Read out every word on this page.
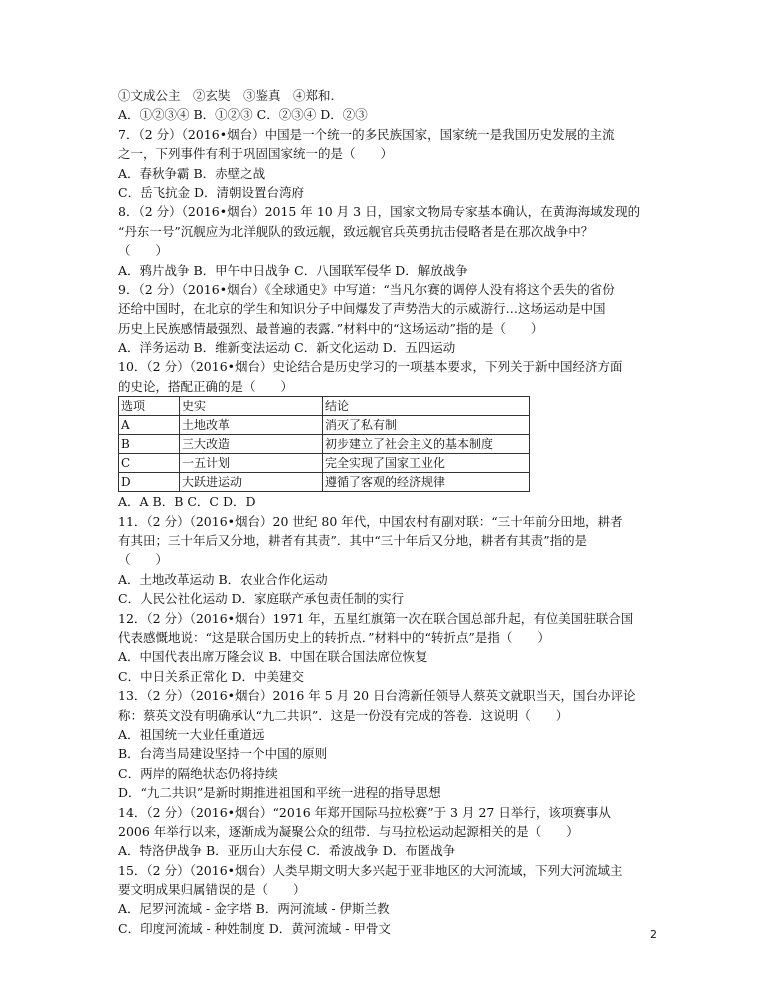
①文成公主　②玄奘　③鉴真　④郑和.
A．①②③④ B．①②③ C．②③④ D．②③
7．（2 分）（2016•烟台）中国是一个统一的多民族国家，国家统一是我国历史发展的主流
之一，下列事件有利于巩固国家统一的是（　　）
A．春秋争霸 B．赤壁之战
C．岳飞抗金 D．清朝设置台湾府
8．（2 分）（2016•烟台）2015 年 10 月 3 日，国家文物局专家基本确认，在黄海海域发现的
“丹东一号”沉舰应为北洋舰队的致远舰，致远舰官兵英勇抗击侵略者是在那次战争中？
（　　）
A．鸦片战争 B．甲午中日战争 C．八国联军侵华 D．解放战争
9．（2 分）（2016•烟台）《全球通史》中写道：“当凡尔赛的调停人没有将这个丢失的省份
还给中国时，在北京的学生和知识分子中间爆发了声势浩大的示威游行…这场运动是中国
历史上民族感情最强烈、最普遍的表露．”材料中的“这场运动”指的是（　　）
A．洋务运动 B．维新变法运动 C．新文化运动 D．五四运动
10．（2 分）（2016•烟台）史论结合是历史学习的一项基本要求，下列关于新中国经济方面
的史论，搭配正确的是（　　）
选项	史实	结论
A	土地改革	消灭了私有制
B	三大改造	初步建立了社会主义的基本制度
C	一五计划	完全实现了国家工业化
D	大跃进运动	遵循了客观的经济规律
A．A B．B C．C D．D
11．（2 分）（2016•烟台）20 世纪 80 年代，中国农村有副对联：“三十年前分田地，耕者
有其田；三十年后又分地，耕者有其责”．其中“三十年后又分地，耕者有其责”指的是
（　　）
A．土地改革运动 B．农业合作化运动
C．人民公社化运动 D．家庭联产承包责任制的实行
12．（2 分）（2016•烟台）1971 年，五星红旗第一次在联合国总部升起，有位美国驻联合国
代表感慨地说：“这是联合国历史上的转折点．”材料中的“转折点”是指（　　）
A．中国代表出席万隆会议 B．中国在联合国法席位恢复
C．中日关系正常化 D．中美建交
13．（2 分）（2016•烟台）2016 年 5 月 20 日台湾新任领导人蔡英文就职当天，国台办评论
称：蔡英文没有明确承认“九二共识”．这是一份没有完成的答卷．这说明（　　）
A．祖国统一大业任重道远
B．台湾当局建设坚持一个中国的原则
C．两岸的隔绝状态仍将持续
D．“九二共识”是新时期推进祖国和平统一进程的指导思想
14．（2 分）（2016•烟台）“2016 年郑开国际马拉松赛”于 3 月 27 日举行，该项赛事从
2006 年举行以来，逐渐成为凝聚公众的纽带．与马拉松运动起源相关的是（　　）
A．特洛伊战争 B．亚历山大东侵 C．希波战争 D．布匿战争
15．（2 分）（2016•烟台）人类早期文明大多兴起于亚非地区的大河流域，下列大河流域主
要文明成果归属错误的是（　　）
A．尼罗河流域 - 金字塔 B．两河流域 - 伊斯兰教
C．印度河流域 - 种姓制度 D．黄河流域 - 甲骨文	2
